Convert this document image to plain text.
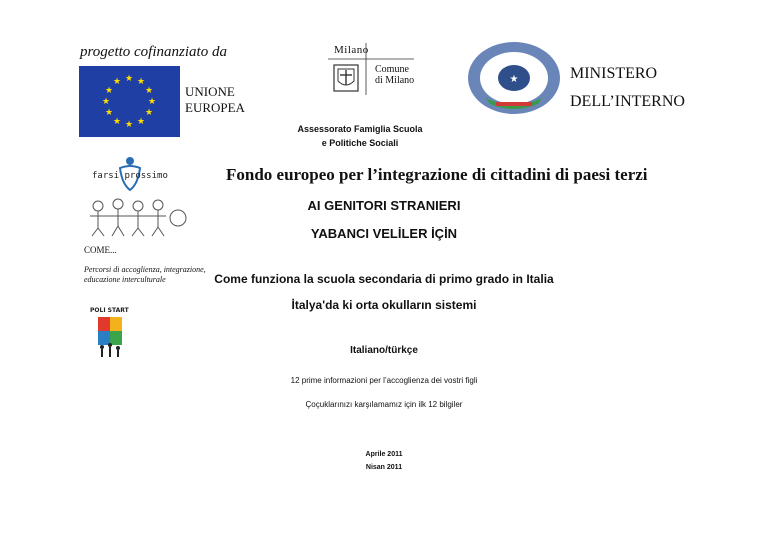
progetto cofinanziato da
★ ★
★
★
★
★
★
★
★
★
★
★
UNIONE
EUROPEA
Milano
Comune
di Milano	★	MINISTERO
DELL’INTERNO
Assessorato Famiglia Scuola
e Politiche Sociali
farsi prossimo
COME...
Percorsi di accoglienza, integrazione,
educazione interculturale
POLI START
Fondo europeo per l’integrazione di cittadini di paesi terzi
AI GENITORI STRANIERI
YABANCI VELİLER İÇİN
Come funziona la scuola secondaria di primo grado in Italia
İtalya'da ki orta okulların sistemi
Italiano/türkçe
12 prime informazioni per l’accoglienza dei vostri figli
Çoçuklarınızı karşılamamız için ilk 12 bilgiler
Aprile 2011
Nisan 2011
